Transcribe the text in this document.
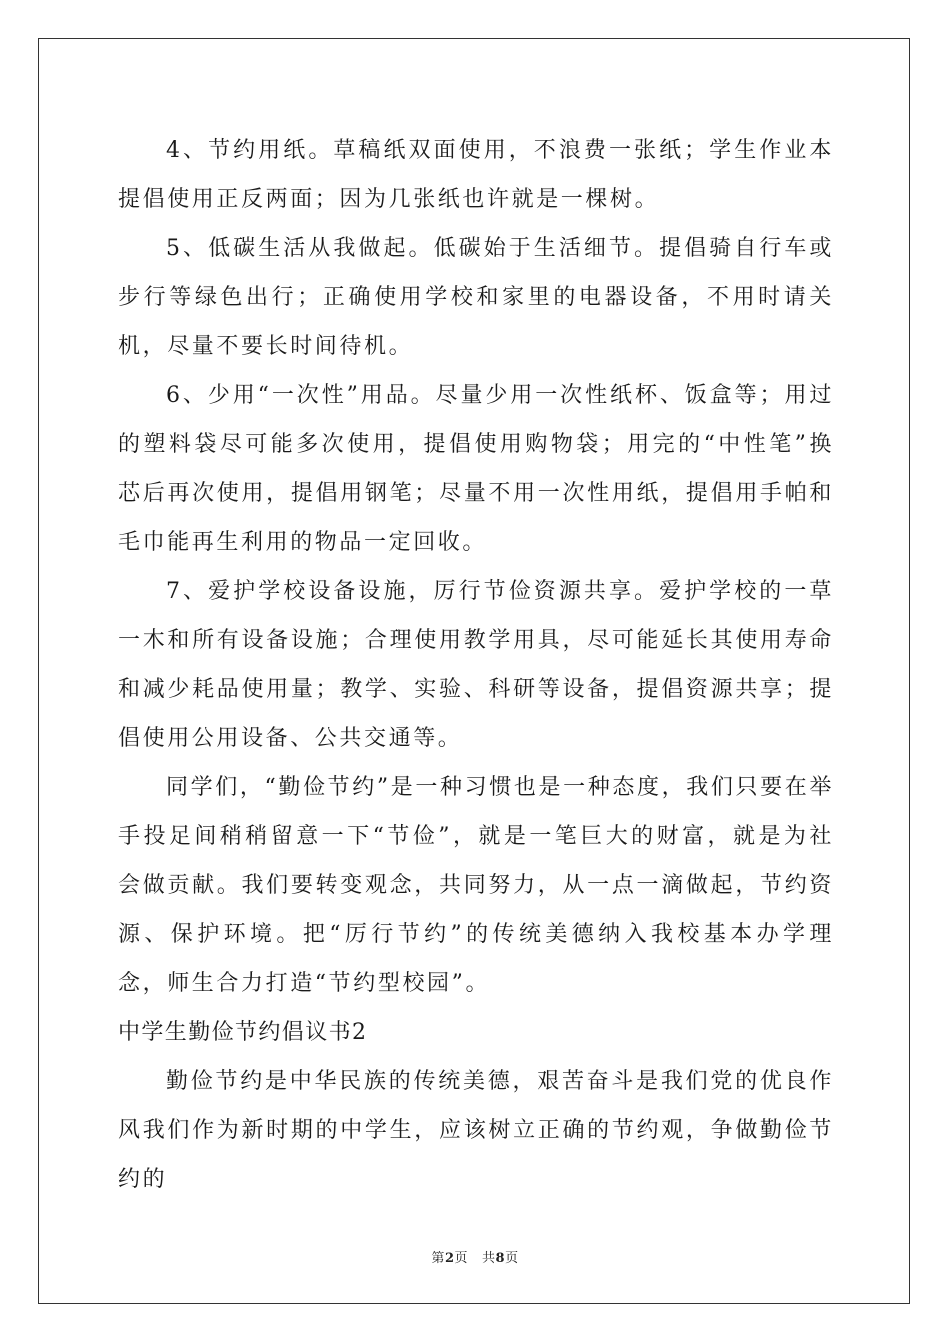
4、节约用纸。草稿纸双面使用，不浪费一张纸；学生作业本提倡使用正反两面；因为几张纸也许就是一棵树。

5、低碳生活从我做起。低碳始于生活细节。提倡骑自行车或步行等绿色出行；正确使用学校和家里的电器设备，不用时请关机，尽量不要长时间待机。

6、少用“一次性”用品。尽量少用一次性纸杯、饭盒等；用过的塑料袋尽可能多次使用，提倡使用购物袋；用完的“中性笔”换芯后再次使用，提倡用钢笔；尽量不用一次性用纸，提倡用手帕和毛巾能再生利用的物品一定回收。

7、爱护学校设备设施，厉行节俭资源共享。爱护学校的一草一木和所有设备设施；合理使用教学用具，尽可能延长其使用寿命和减少耗品使用量；教学、实验、科研等设备，提倡资源共享；提倡使用公用设备、公共交通等。

同学们，“勤俭节约”是一种习惯也是一种态度，我们只要在举手投足间稍稍留意一下“节俭”，就是一笔巨大的财富，就是为社会做贡献。我们要转变观念，共同努力，从一点一滴做起，节约资源、保护环境。把“厉行节约”的传统美德纳入我校基本办学理念，师生合力打造“节约型校园”。

中学生勤俭节约倡议书2

勤俭节约是中华民族的传统美德，艰苦奋斗是我们党的优良作风我们作为新时期的中学生，应该树立正确的节约观，争做勤俭节约的

第2页 共8页
